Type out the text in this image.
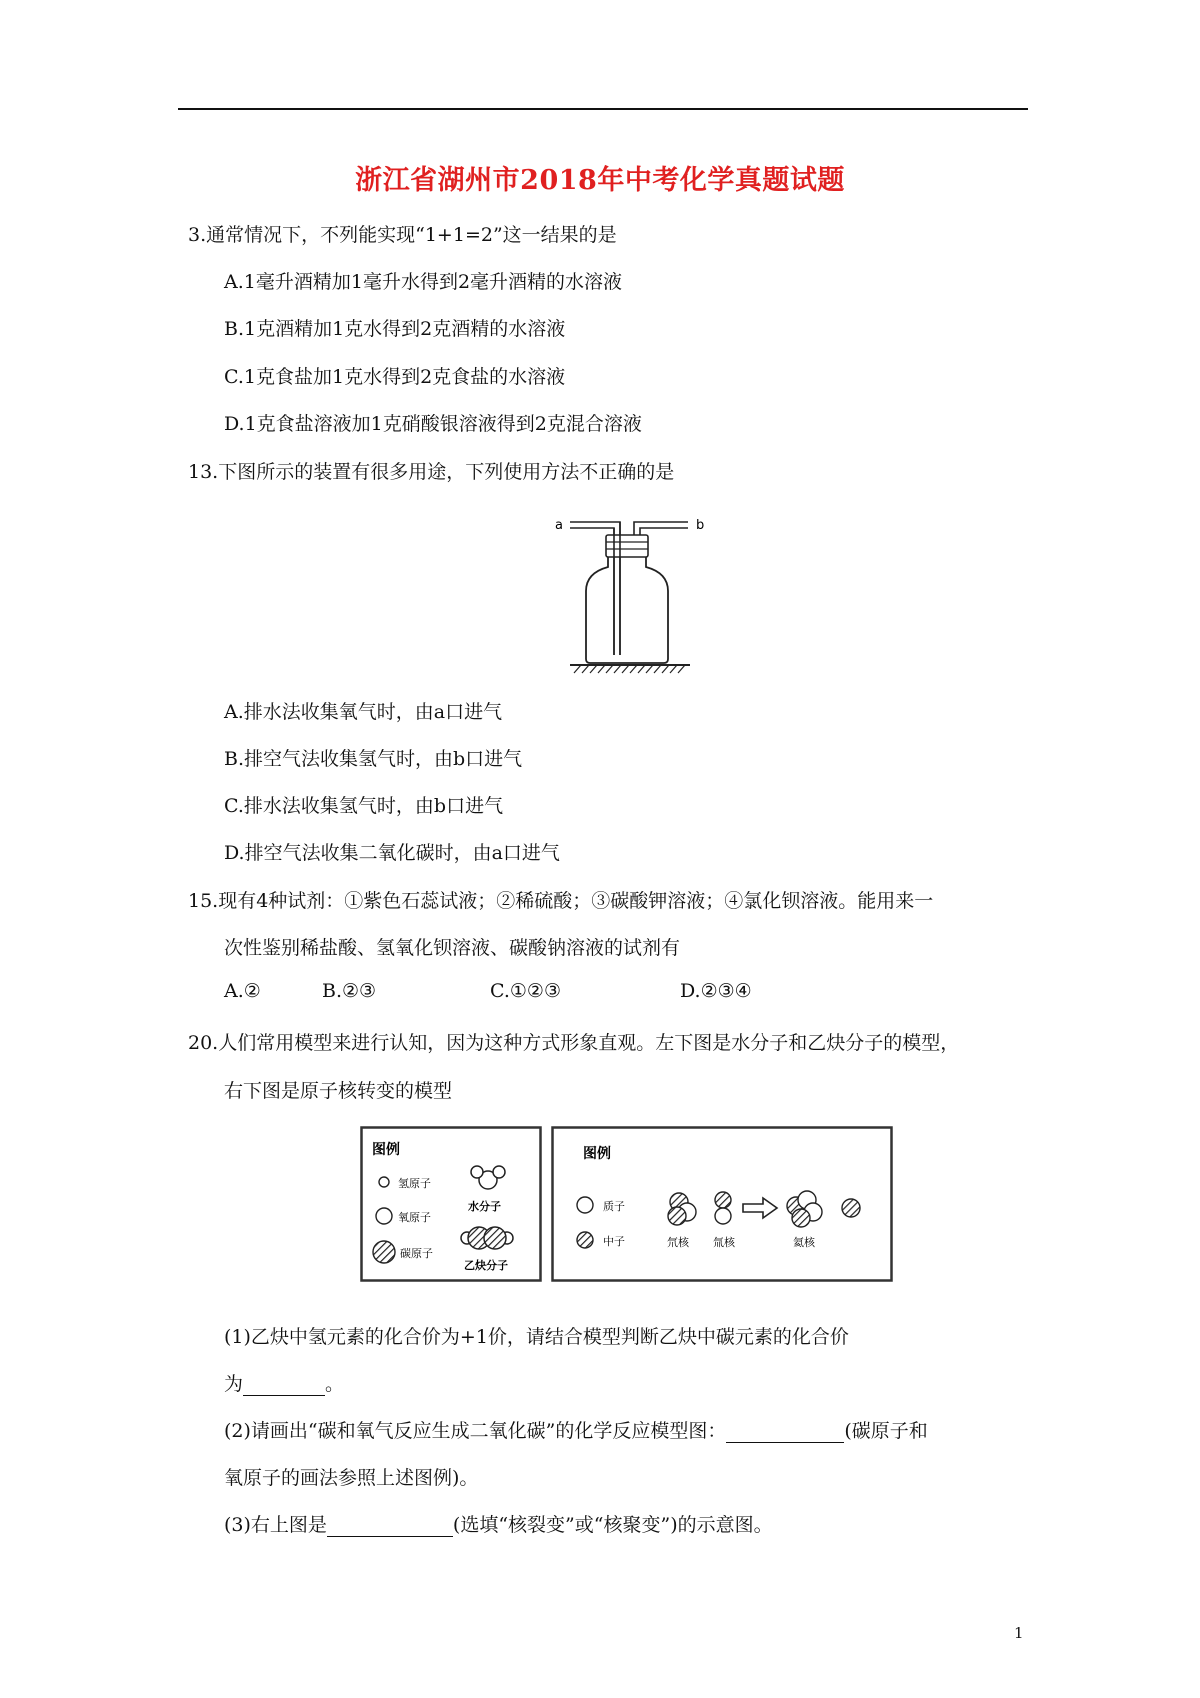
浙江省湖州市2018年中考化学真题试题
3.通常情况下，不列能实现“1+1=2”这一结果的是
A.1毫升酒精加1毫升水得到2毫升酒精的水溶液
B.1克酒精加1克水得到2克酒精的水溶液
C.1克食盐加1克水得到2克食盐的水溶液
D.1克食盐溶液加1克硝酸银溶液得到2克混合溶液
13.下图所示的装置有很多用途，下列使用方法不正确的是
a	b
A.排水法收集氧气时，由a口进气
B.排空气法收集氢气时，由b口进气
C.排水法收集氢气时，由b口进气
D.排空气法收集二氧化碳时，由a口进气
15.现有4种试剂：①紫色石蕊试液；②稀硫酸；③碳酸钾溶液；④氯化钡溶液。能用来一
次性鉴别稀盐酸、氢氧化钡溶液、碳酸钠溶液的试剂有
A.②	B.②③	C.①②③	D.②③④
20.人们常用模型来进行认知，因为这种方式形象直观。左下图是水分子和乙炔分子的模型，
右下图是原子核转变的模型
图例
氢原子
氧原子
碳原子
水分子
乙炔分子
图例
质子
中子	氘核 氚核	氦核
(1)乙炔中氢元素的化合价为+1价，请结合模型判断乙炔中碳元素的化合价
为	。
(2)请画出“碳和氧气反应生成二氧化碳”的化学反应模型图：	(碳原子和
氧原子的画法参照上述图例)。
(3)右上图是	(选填“核裂变”或“核聚变”)的示意图。
1
